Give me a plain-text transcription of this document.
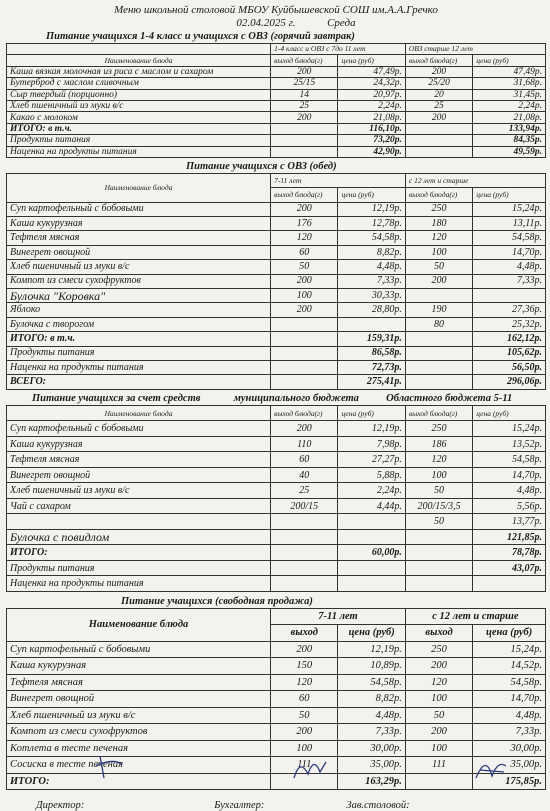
Меню школьной столовой МБОУ Куйбышевской СОШ им.А.А.Гречко
02.04.2025 г.	Среда
Питание учащихся 1-4 класс и учащихся с ОВЗ (горячий завтрак)
	1-4 класс и ОВЗ с 7до 11 лет		ОВЗ старше 12 лет	
Наименование блюда	выход блюда(г)	цена (руб)	выход блюда(г)	цена (руб)
Каша вязкая молочная из риса с маслом и сахаром	200	47,49р.	200	47,49р.
Бутерброд с маслом сливочным	25/15	24,32р.	25/20	31,68р.
Сыр твердый (порционно)	14	20,97р.	20	31,45р.
Хлеб пшеничный из муки в/с	25	2,24р.	25	2,24р.
Какао с молоком	200	21,08р.	200	21,08р.
ИТОГО: в т.ч.		116,10р.		133,94р.
Продукты питания		73,20р.		84,35р.
Наценка на продукты питания		42,90р.		49,59р.
Питание учащихся с ОВЗ (обед)
Наименование блюда	7-11 лет		с 12 лет и старше	
	выход блюда(г)	цена (руб)	выход блюда(г)	цена (руб)
Суп картофельный с бобовыми	200	12,19р.	250	15,24р.
Каша кукурузная	176	12,78р.	180	13,11р.
Тефтеля мясная	120	54,58р.	120	54,58р.
Винегрет овощной	60	8,82р.	100	14,70р.
Хлеб пшеничный из муки в/с	50	4,48р.	50	4,48р.
Компот из смеси сухофруктов	200	7,33р.	200	7,33р.
Булочка "Коровка"	100	30,33р.		
Яблоко	200	28,80р.	190	27,36р.
Булочка с творогом			80	25,32р.
ИТОГО: в т.ч.		159,31р.		162,12р.
Продукты питания		86,58р.		105,62р.
Наценка на продукты питания		72,73р.		56,50р.
ВСЕГО:		275,41р.		296,06р.
Питание учащихся за счет средств	муниципального бюджета	Областного бюджета 5-11
Наименование блюда	выход блюда(г)	цена (руб)	выход блюда(г)	цена (руб)
Суп картофельный с бобовыми	200	12,19р.	250	15,24р.
Каша кукурузная	110	7,98р.	186	13,52р.
Тефтеля мясная	60	27,27р.	120	54,58р.
Винегрет овощной	40	5,88р.	100	14,70р.
Хлеб пшеничный из муки в/с	25	2,24р.	50	4,48р.
Чай с сахаром	200/15	4,44р.	200/15/3,5	5,56р.
			50	13,77р.
Булочка с повидлом				121,85р.
ИТОГО:		60,00р.		78,78р.
Продукты питания				43,07р.
Наценка на продукты питания				
Питание учащихся (свободная продажа)
Наименование блюда	7-11 лет		с 12 лет и старше	
	выход	цена (руб)	выход	цена (руб)
Суп картофельный с бобовыми	200	12,19р.	250	15,24р.
Каша кукурузная	150	10,89р.	200	14,52р.
Тефтеля мясная	120	54,58р.	120	54,58р.
Винегрет овощной	60	8,82р.	100	14,70р.
Хлеб пшеничный из муки в/с	50	4,48р.	50	4,48р.
Компот из смеси сухофруктов	200	7,33р.	200	7,33р.
Котлета в тесте печеная	100	30,00р.	100	30,00р.
Сосиска в тесте печеная	111	35,00р.	111	35,00р.
ИТОГО:		163,29р.		175,85р.
Директор:	Бухгалтер:	Зав.столовой:
